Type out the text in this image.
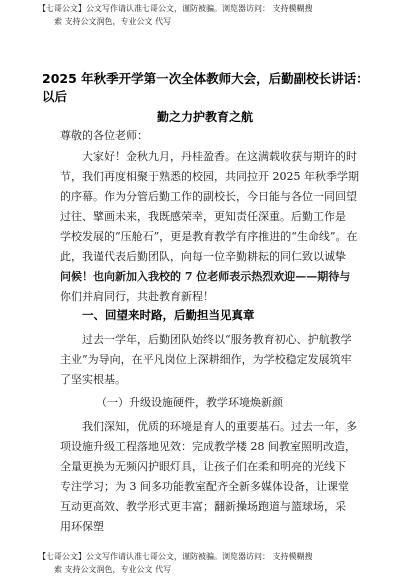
【七哥公文】公文写作请认准七哥公文，谨防被骗。浏览器访问： 支持模糊搜
索 支持公文润色，专业公文 代写
2025 年秋季开学第一次全体教师大会，后勤副校长讲话：以后
勤之力护教育之航
尊敬的各位老师：
大家好！金秋九月，丹桂盈香。在这满载收获与期许的时
节，我们再度相聚于熟悉的校园，共同拉开 2025 年秋季学期
的序幕。作为分管后勤工作的副校长，今日能与各位一同回望
过往、擘画未来，我既感荣幸，更知责任深重。后勤工作是
学校发展的“压舱石”，更是教育教学有序推进的“生命线”。在
此，我谨代表后勤团队，向每一位辛勤耕耘的同仁致以诚挚
问候！也向新加入我校的 7 位老师表示热烈欢迎——期待与
你们并肩同行，共赴教育新程！
一、回望来时路，后勤担当见真章
过去一学年，后勤团队始终以“服务教育初心、护航教学
主业”为导向，在平凡岗位上深耕细作，为学校稳定发展筑牢
了坚实根基。
（一）升级设施硬件，教学环境焕新颜
我们深知，优质的环境是育人的重要基石。过去一年，多
项设施升级工程落地见效：完成教学楼 28 间教室照明改造，
全量更换为无频闪护眼灯具，让孩子们在柔和明亮的光线下
专注学习；为 3 间多功能教室配齐全新多媒体设备，让课堂
互动更高效、教学形式更丰富；翻新操场跑道与篮球场，采
用环保塑
【七哥公文】公文写作请认准七哥公文，谨防被骗。浏览器访问： 支持模糊搜
索 支持公文润色，专业公文 代写
